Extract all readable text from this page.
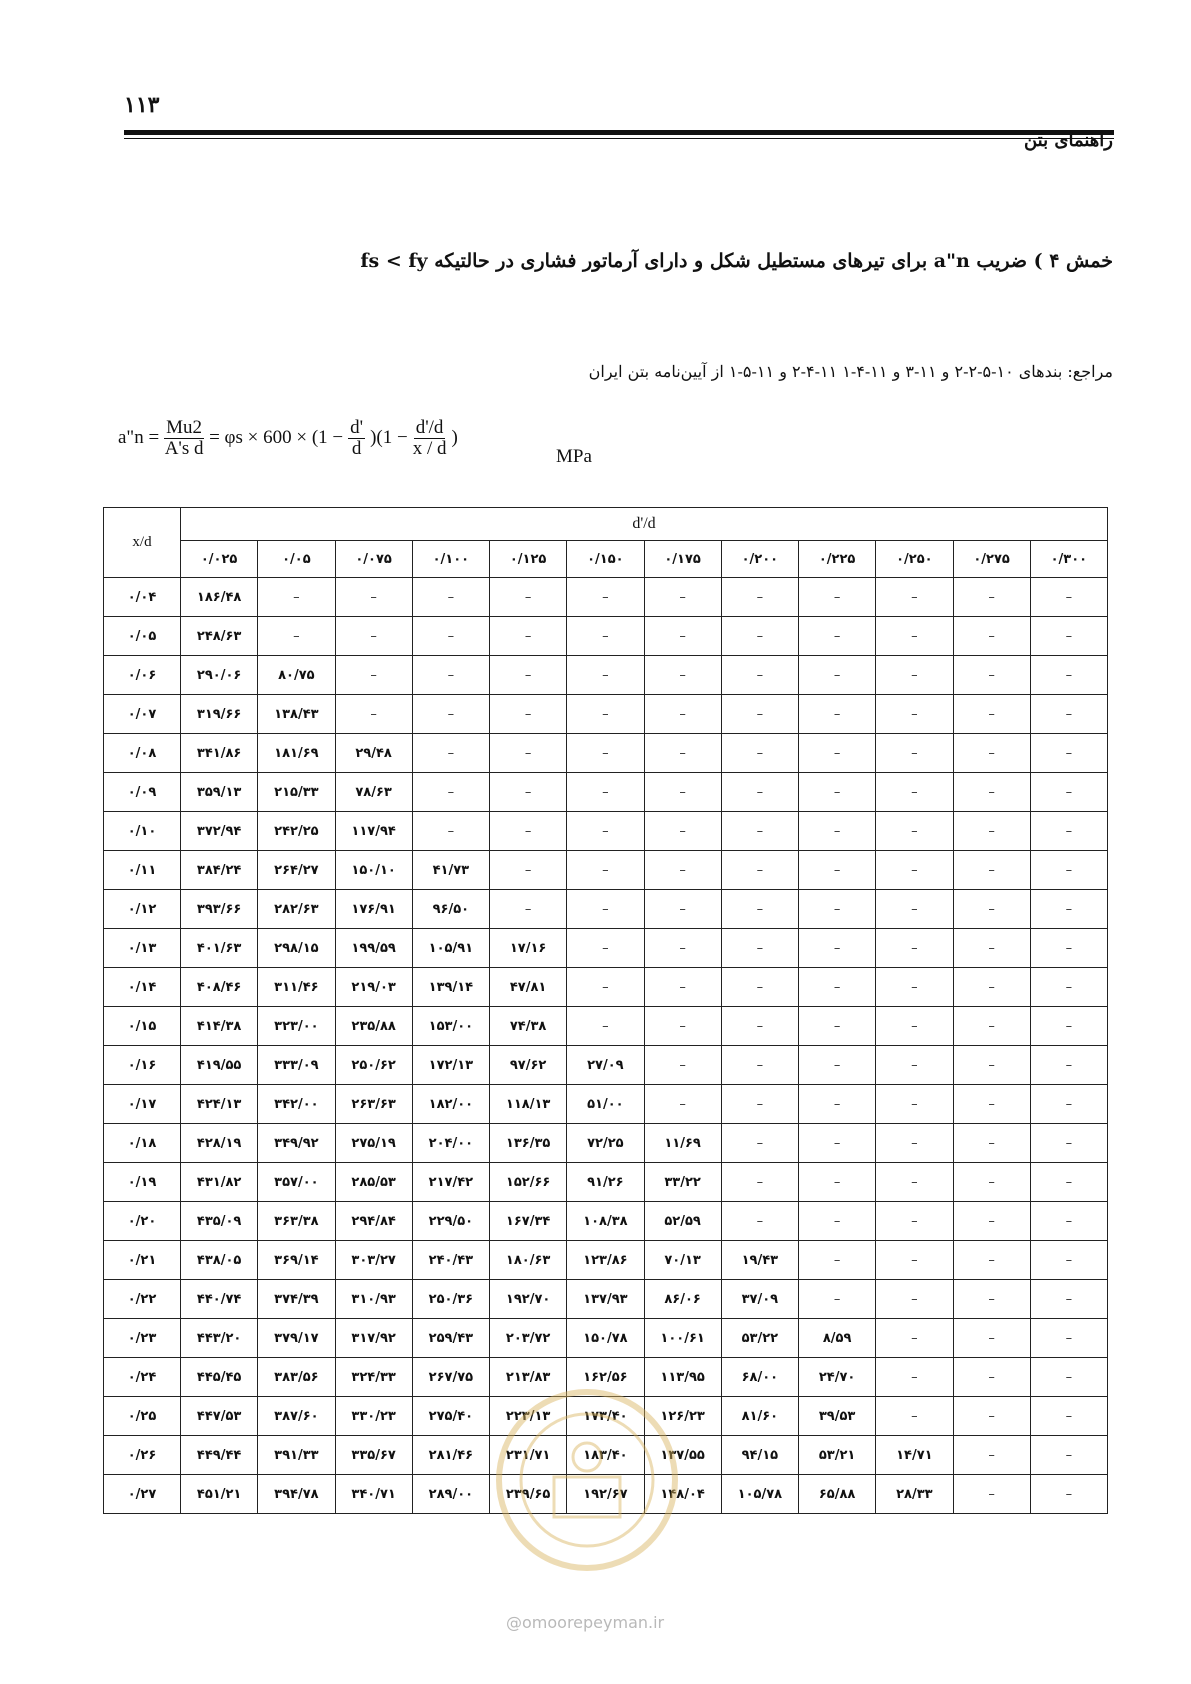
۱۱۳
راهنمای بتن
خمش ۴ ) ضریب a"n برای تیرهای مستطیل شکل و دارای آرماتور فشاری در حالتیکه fs < fy
مراجع: بندهای ۱۰-۵-۲-۲ و ۱۱-۳ و ۱۱-۴-۱ ۱۱-۴-۲ و ۱۱-۵-۱ از آیین‌نامه بتن ایران
a"n = $\frac{Mu2}{\text{A's d}} = \varphi s \times 600 \times (1 - \frac{d'}{d} )(1 - \frac{d'/d}{x / d}$ )
MPa
x/d	d'/d											
	۰/۰۲۵	۰/۰۵	۰/۰۷۵	۰/۱۰۰	۰/۱۲۵	۰/۱۵۰	۰/۱۷۵	۰/۲۰۰	۰/۲۲۵	۰/۲۵۰	۰/۲۷۵	۰/۳۰۰
۰/۰۴	۱۸۶/۴۸	–	–	–	–	–	–	–	–	–	–	–
۰/۰۵	۲۴۸/۶۳	–	–	–	–	–	–	–	–	–	–	–
۰/۰۶	۲۹۰/۰۶	۸۰/۷۵	–	–	–	–	–	–	–	–	–	–
۰/۰۷	۳۱۹/۶۶	۱۳۸/۴۳	–	–	–	–	–	–	–	–	–	–
۰/۰۸	۳۴۱/۸۶	۱۸۱/۶۹	۲۹/۴۸	–	–	–	–	–	–	–	–	–
۰/۰۹	۳۵۹/۱۳	۲۱۵/۳۳	۷۸/۶۳	–	–	–	–	–	–	–	–	–
۰/۱۰	۳۷۲/۹۴	۲۴۲/۲۵	۱۱۷/۹۴	–	–	–	–	–	–	–	–	–
۰/۱۱	۳۸۴/۲۴	۲۶۴/۲۷	۱۵۰/۱۰	۴۱/۷۳	–	–	–	–	–	–	–	–
۰/۱۲	۳۹۳/۶۶	۲۸۲/۶۳	۱۷۶/۹۱	۹۶/۵۰	–	–	–	–	–	–	–	–
۰/۱۳	۴۰۱/۶۳	۲۹۸/۱۵	۱۹۹/۵۹	۱۰۵/۹۱	۱۷/۱۶	–	–	–	–	–	–	–
۰/۱۴	۴۰۸/۴۶	۳۱۱/۴۶	۲۱۹/۰۳	۱۳۹/۱۴	۴۷/۸۱	–	–	–	–	–	–	–
۰/۱۵	۴۱۴/۳۸	۳۲۳/۰۰	۲۳۵/۸۸	۱۵۳/۰۰	۷۴/۳۸	–	–	–	–	–	–	–
۰/۱۶	۴۱۹/۵۵	۳۳۳/۰۹	۲۵۰/۶۲	۱۷۲/۱۳	۹۷/۶۲	۲۷/۰۹	–	–	–	–	–	–
۰/۱۷	۴۲۴/۱۳	۳۴۲/۰۰	۲۶۳/۶۳	۱۸۲/۰۰	۱۱۸/۱۳	۵۱/۰۰	–	–	–	–	–	–
۰/۱۸	۴۲۸/۱۹	۳۴۹/۹۲	۲۷۵/۱۹	۲۰۴/۰۰	۱۳۶/۳۵	۷۲/۲۵	۱۱/۶۹	–	–	–	–	–
۰/۱۹	۴۳۱/۸۲	۳۵۷/۰۰	۲۸۵/۵۳	۲۱۷/۴۲	۱۵۲/۶۶	۹۱/۲۶	۳۳/۲۲	–	–	–	–	–
۰/۲۰	۴۳۵/۰۹	۳۶۳/۳۸	۲۹۴/۸۴	۲۲۹/۵۰	۱۶۷/۳۴	۱۰۸/۳۸	۵۲/۵۹	–	–	–	–	–
۰/۲۱	۴۳۸/۰۵	۳۶۹/۱۴	۳۰۳/۲۷	۲۴۰/۴۳	۱۸۰/۶۳	۱۲۳/۸۶	۷۰/۱۳	۱۹/۴۳	–	–	–	–
۰/۲۲	۴۴۰/۷۴	۳۷۴/۳۹	۳۱۰/۹۳	۲۵۰/۳۶	۱۹۲/۷۰	۱۳۷/۹۳	۸۶/۰۶	۳۷/۰۹	–	–	–	–
۰/۲۳	۴۴۳/۲۰	۳۷۹/۱۷	۳۱۷/۹۲	۲۵۹/۴۳	۲۰۳/۷۲	۱۵۰/۷۸	۱۰۰/۶۱	۵۳/۲۲	۸/۵۹	–	–	–
۰/۲۴	۴۴۵/۴۵	۳۸۳/۵۶	۳۲۴/۳۳	۲۶۷/۷۵	۲۱۳/۸۳	۱۶۲/۵۶	۱۱۳/۹۵	۶۸/۰۰	۲۴/۷۰	–	–	–
۰/۲۵	۴۴۷/۵۳	۳۸۷/۶۰	۳۳۰/۲۳	۲۷۵/۴۰	۲۲۳/۱۳	۱۷۳/۴۰	۱۲۶/۲۳	۸۱/۶۰	۳۹/۵۳	–	–	–
۰/۲۶	۴۴۹/۴۴	۳۹۱/۳۳	۳۳۵/۶۷	۲۸۱/۴۶	۲۳۱/۷۱	۱۸۳/۴۰	۱۳۷/۵۵	۹۴/۱۵	۵۳/۲۱	۱۴/۷۱	–	–
۰/۲۷	۴۵۱/۲۱	۳۹۴/۷۸	۳۴۰/۷۱	۲۸۹/۰۰	۲۳۹/۶۵	۱۹۲/۶۷	۱۴۸/۰۴	۱۰۵/۷۸	۶۵/۸۸	۲۸/۳۳	–	–
@omoorepeyman.ir
